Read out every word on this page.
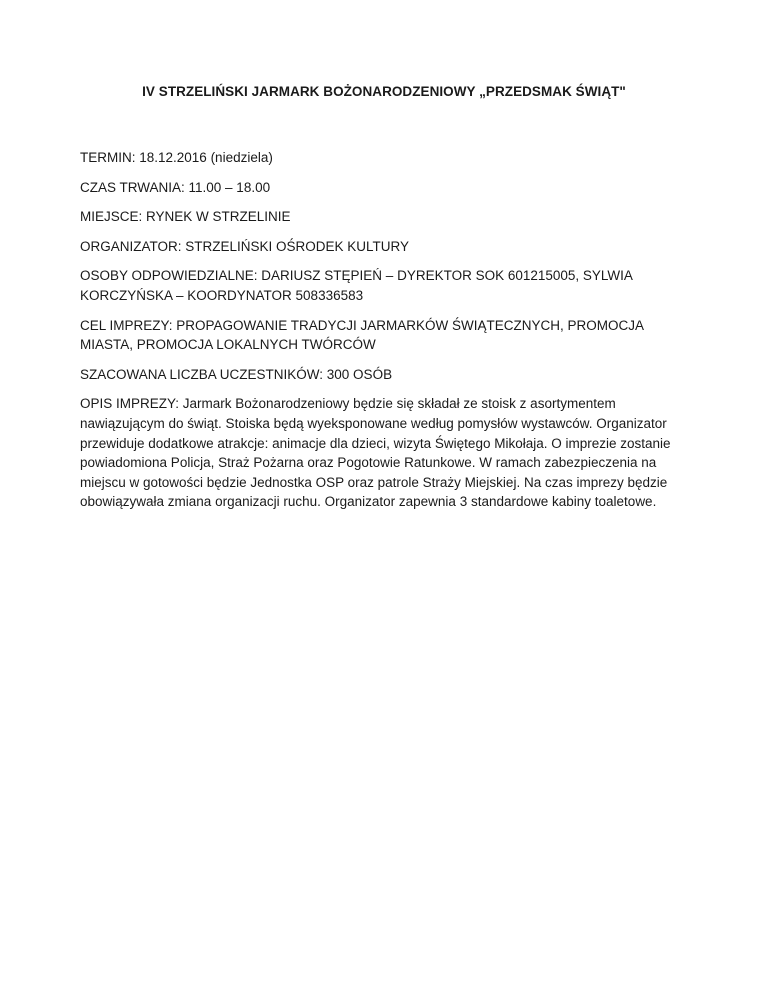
IV STRZELIŃSKI JARMARK BOŻONARODZENIOWY „PRZEDSMAK ŚWIĄT"

TERMIN: 18.12.2016 (niedziela)

CZAS TRWANIA: 11.00 – 18.00

MIEJSCE: RYNEK W STRZELINIE

ORGANIZATOR: STRZELIŃSKI OŚRODEK KULTURY

OSOBY ODPOWIEDZIALNE: DARIUSZ STĘPIEŃ – DYREKTOR SOK 601215005, SYLWIA KORCZYŃSKA – KOORDYNATOR 508336583

CEL IMPREZY: PROPAGOWANIE TRADYCJI JARMARKÓW ŚWIĄTECZNYCH, PROMOCJA MIASTA, PROMOCJA LOKALNYCH TWÓRCÓW

SZACOWANA LICZBA UCZESTNIKÓW: 300 OSÓB

OPIS IMPREZY: Jarmark Bożonarodzeniowy będzie się składał ze stoisk z asortymentem nawiązującym do świąt. Stoiska będą wyeksponowane według pomysłów wystawców. Organizator przewiduje dodatkowe atrakcje: animacje dla dzieci, wizyta Świętego Mikołaja. O imprezie zostanie powiadomiona Policja, Straż Pożarna oraz Pogotowie Ratunkowe. W ramach zabezpieczenia na miejscu w gotowości będzie Jednostka OSP oraz patrole Straży Miejskiej. Na czas imprezy będzie obowiązywała zmiana organizacji ruchu. Organizator zapewnia 3 standardowe kabiny toaletowe.
